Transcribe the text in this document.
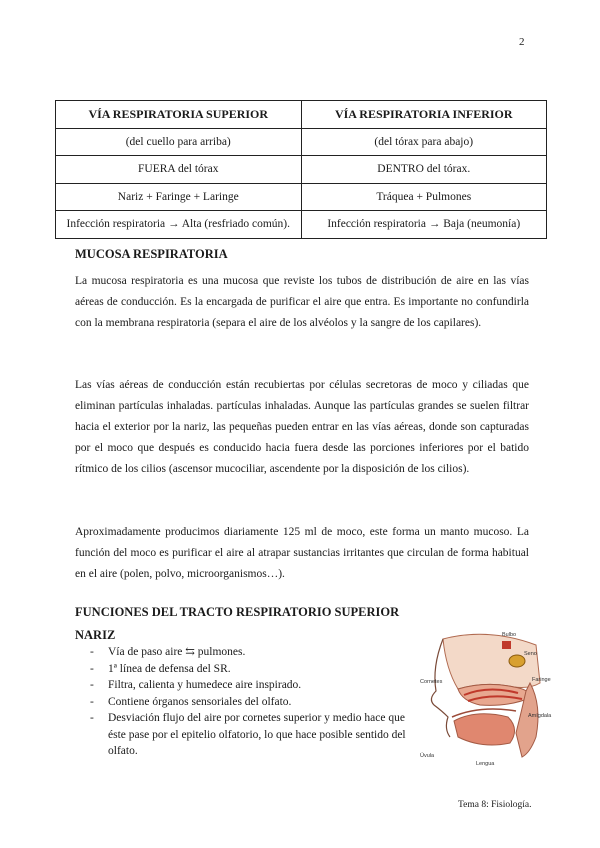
2
VÍA RESPIRATORIA SUPERIOR	VÍA RESPIRATORIA INFERIOR
(del cuello para arriba)	(del tórax para abajo)
FUERA del tórax	DENTRO del tórax.
Nariz + Faringe + Laringe	Tráquea + Pulmones
Infección respiratoria → Alta (resfriado común).	Infección respiratoria → Baja (neumonía)
MUCOSA RESPIRATORIA

La mucosa respiratoria es una mucosa que reviste los tubos de distribución de aire en las vías aéreas de conducción. Es la encargada de purificar el aire que entra. Es importante no confundirla con la membrana respiratoria (separa el aire de los alvéolos y la sangre de los capilares).

Las vías aéreas de conducción están recubiertas por células secretoras de moco y ciliadas que eliminan partículas inhaladas. partículas inhaladas. Aunque las partículas grandes se suelen filtrar hacia el exterior por la nariz, las pequeñas pueden entrar en las vías aéreas, donde son capturadas por el moco que después es conducido hacia fuera desde las porciones inferiores por el batido rítmico de los cilios (ascensor mucociliar, ascendente por la disposición de los cilios).

Aproximadamente producimos diariamente 125 ml de moco, este forma un manto mucoso. La función del moco es purificar el aire al atrapar sustancias irritantes que circulan de forma habitual en el aire (polen, polvo, microorganismos…).

FUNCIONES DEL TRACTO RESPIRATORIO SUPERIOR
NARIZ
- Vía de paso aire ⇆ pulmones.
- 1ª línea de defensa del SR.
- Filtra, calienta y humedece aire inspirado.
- Contiene órganos sensoriales del olfato.
- Desviación flujo del aire por cornetes superior y medio hace que éste pase por el epitelio olfatorio, lo que hace posible sentido del olfato.
Bulbo
Seno
Cornetes	Faringe
Amígdala
Lengua
Úvula
Tema 8: Fisiología.
